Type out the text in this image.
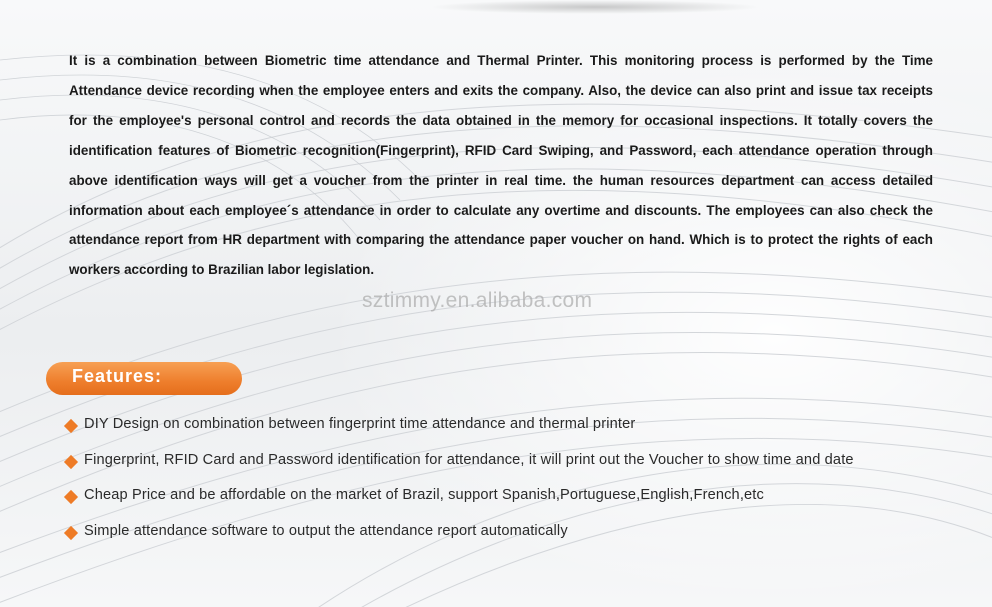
It is a combination between Biometric time attendance and Thermal Printer. This monitoring process is performed by the Time Attendance device recording when the employee enters and exits the company. Also, the device can also print and issue tax receipts for the employee's personal control and records the data obtained in the memory for occasional inspections. It totally covers the identification features of Biometric recognition(Fingerprint), RFID Card Swiping, and Password, each attendance operation through above identification ways will get a voucher from the printer in real time. the human resources department can access detailed information about each employee´s attendance in order to calculate any overtime and discounts. The employees can also check the attendance report from HR department with comparing the attendance paper voucher on hand. Which is to protect the rights of each workers according to Brazilian labor legislation.

sztimmy.en.alibaba.com
Features:
DIY Design on combination between fingerprint time attendance and thermal printer
Fingerprint, RFID Card and Password identification for attendance, it will print out the Voucher to show time and date
Cheap Price and be affordable on the market of Brazil, support Spanish,Portuguese,English,French,etc
Simple attendance software to output the attendance report automatically
